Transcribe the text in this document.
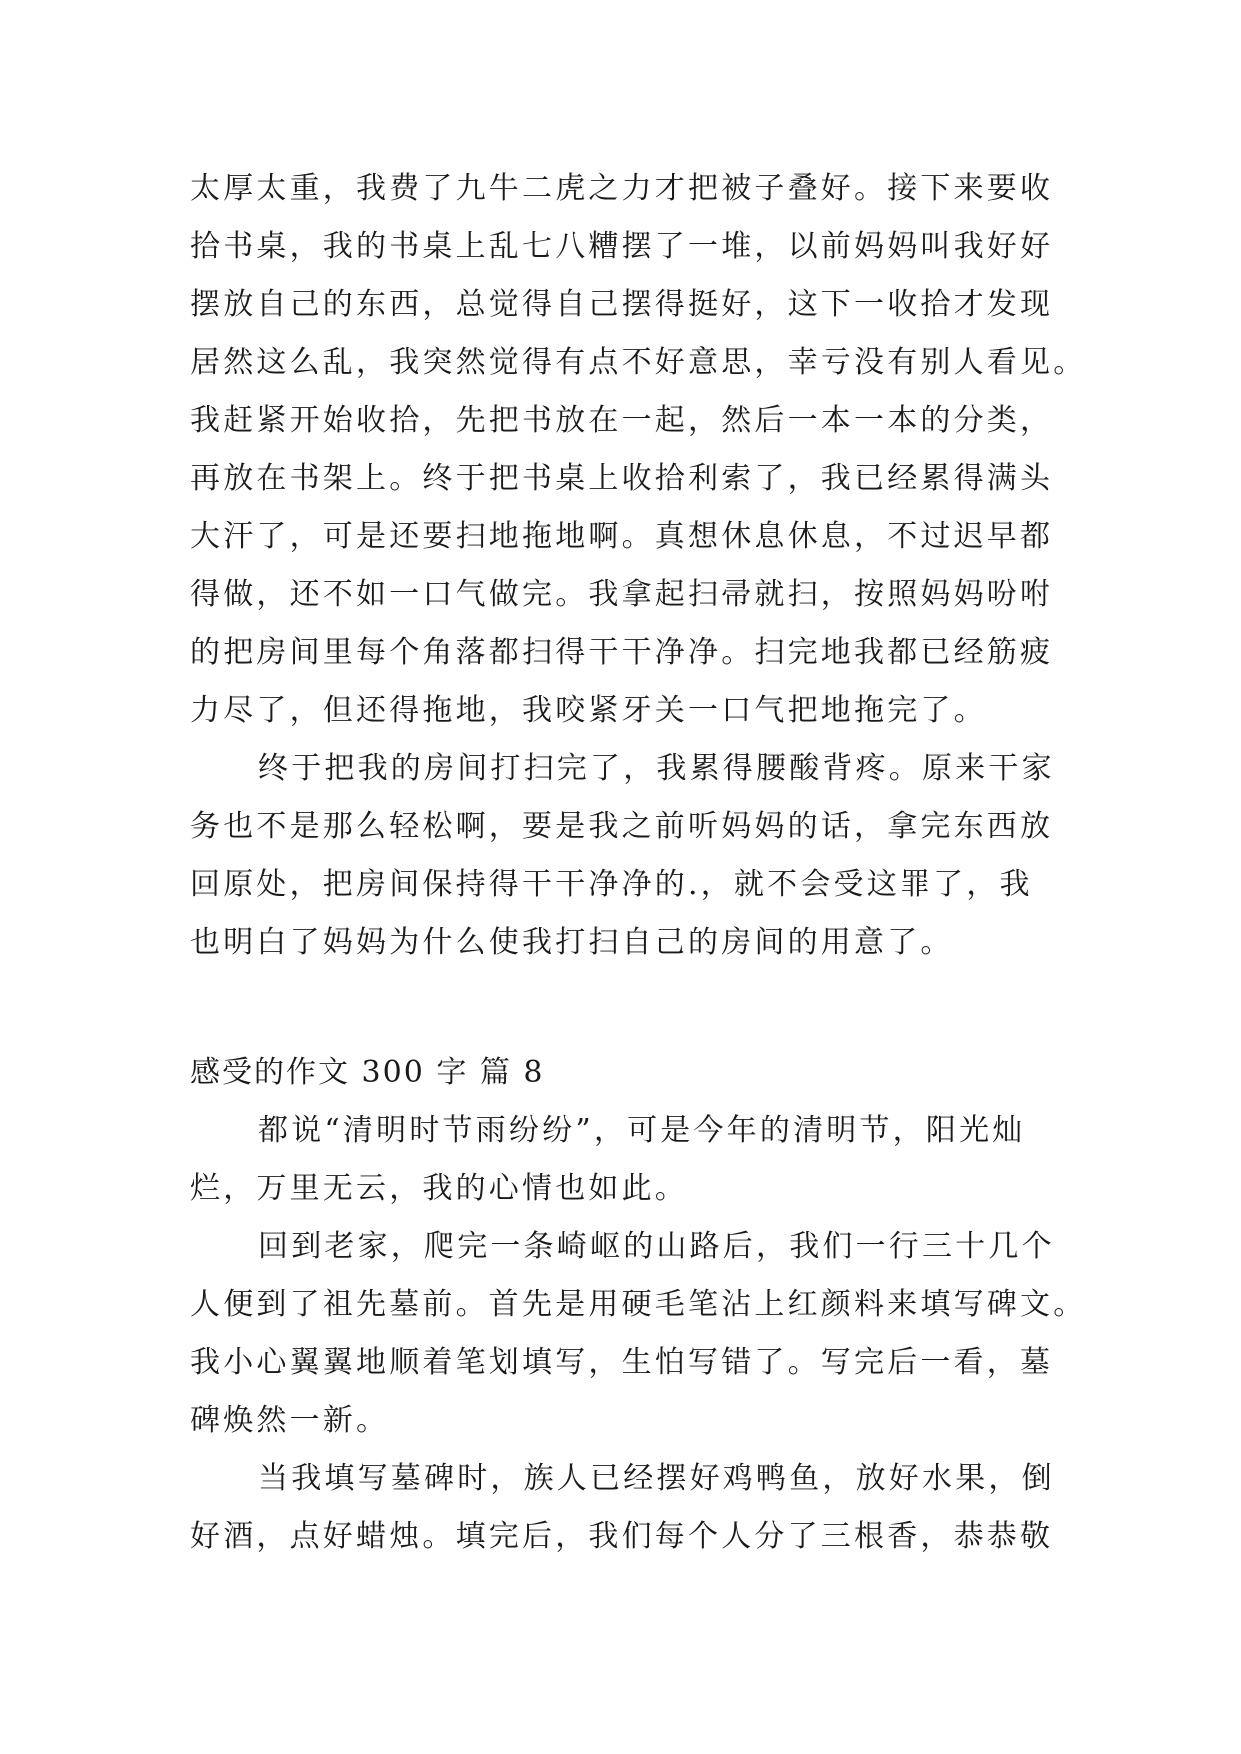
太厚太重，我费了九牛二虎之力才把被子叠好。接下来要收
拾书桌，我的书桌上乱七八糟摆了一堆，以前妈妈叫我好好
摆放自己的东西，总觉得自己摆得挺好，这下一收拾才发现
居然这么乱，我突然觉得有点不好意思，幸亏没有别人看见。
我赶紧开始收拾，先把书放在一起，然后一本一本的分类，
再放在书架上。终于把书桌上收拾利索了，我已经累得满头
大汗了，可是还要扫地拖地啊。真想休息休息，不过迟早都
得做，还不如一口气做完。我拿起扫帚就扫，按照妈妈吩咐
的把房间里每个角落都扫得干干净净。扫完地我都已经筋疲
力尽了，但还得拖地，我咬紧牙关一口气把地拖完了。
终于把我的房间打扫完了，我累得腰酸背疼。原来干家
务也不是那么轻松啊，要是我之前听妈妈的话，拿完东西放
回原处，把房间保持得干干净净的.，就不会受这罪了，我
也明白了妈妈为什么使我打扫自己的房间的用意了。
感受的作文 300 字 篇 8
都说“清明时节雨纷纷”，可是今年的清明节，阳光灿
烂，万里无云，我的心情也如此。
回到老家，爬完一条崎岖的山路后，我们一行三十几个
人便到了祖先墓前。首先是用硬毛笔沾上红颜料来填写碑文。
我小心翼翼地顺着笔划填写，生怕写错了。写完后一看，墓
碑焕然一新。
当我填写墓碑时，族人已经摆好鸡鸭鱼，放好水果，倒
好酒，点好蜡烛。填完后，我们每个人分了三根香，恭恭敬
